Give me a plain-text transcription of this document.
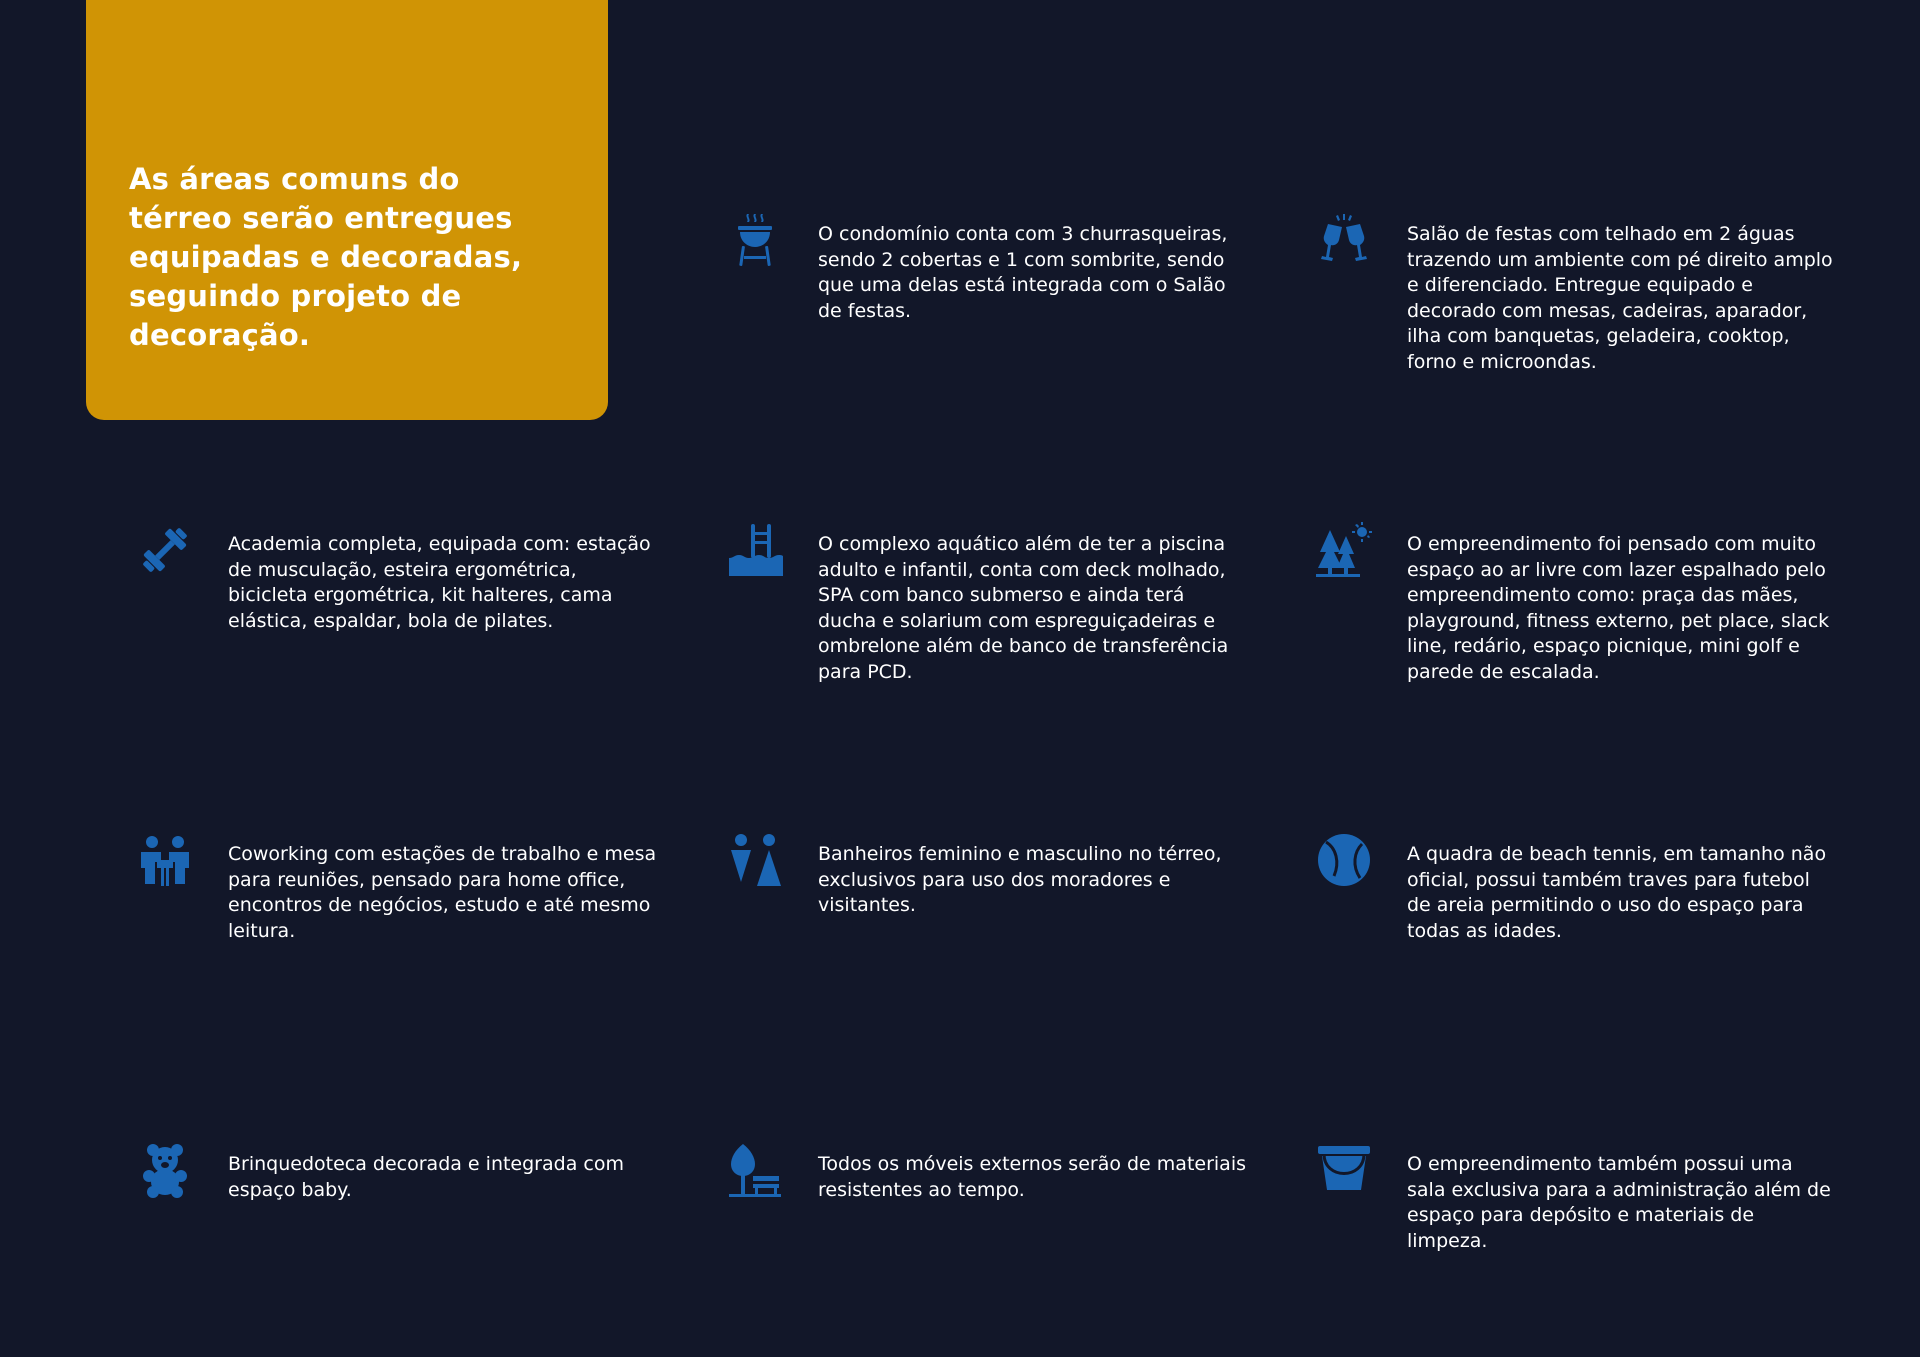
As áreas comuns do térreo serão entregues equipadas e decoradas, seguindo projeto de decoração.

O condomínio conta com 3 churrasqueiras, sendo 2 cobertas e 1 com sombrite, sendo que uma delas está integrada com o Salão de festas.

Salão de festas com telhado em 2 águas trazendo um ambiente com pé direito amplo e diferenciado. Entregue equipado e decorado com mesas, cadeiras, aparador, ilha com banquetas, geladeira, cooktop, forno e microondas.

Academia completa, equipada com: estação de musculação, esteira ergométrica, bicicleta ergométrica, kit halteres, cama elástica, espaldar, bola de pilates.

O complexo aquático além de ter a piscina adulto e infantil, conta com deck molhado, SPA com banco submerso e ainda terá ducha e solarium com espreguiçadeiras e ombrelone além de banco de transferência para PCD.

O empreendimento foi pensado com muito espaço ao ar livre com lazer espalhado pelo empreendimento como: praça das mães, playground, fitness externo, pet place, slack line, redário, espaço picnique, mini golf e parede de escalada.

Coworking com estações de trabalho e mesa para reuniões, pensado para home office, encontros de negócios, estudo e até mesmo leitura.

Banheiros feminino e masculino no térreo, exclusivos para uso dos moradores e visitantes.

A quadra de beach tennis, em tamanho não oficial, possui também traves para futebol de areia permitindo o uso do espaço para todas as idades.

Brinquedoteca decorada e integrada com espaço baby.

Todos os móveis externos serão de materiais resistentes ao tempo.

O empreendimento também possui uma sala exclusiva para a administração além de espaço para depósito e materiais de limpeza.
